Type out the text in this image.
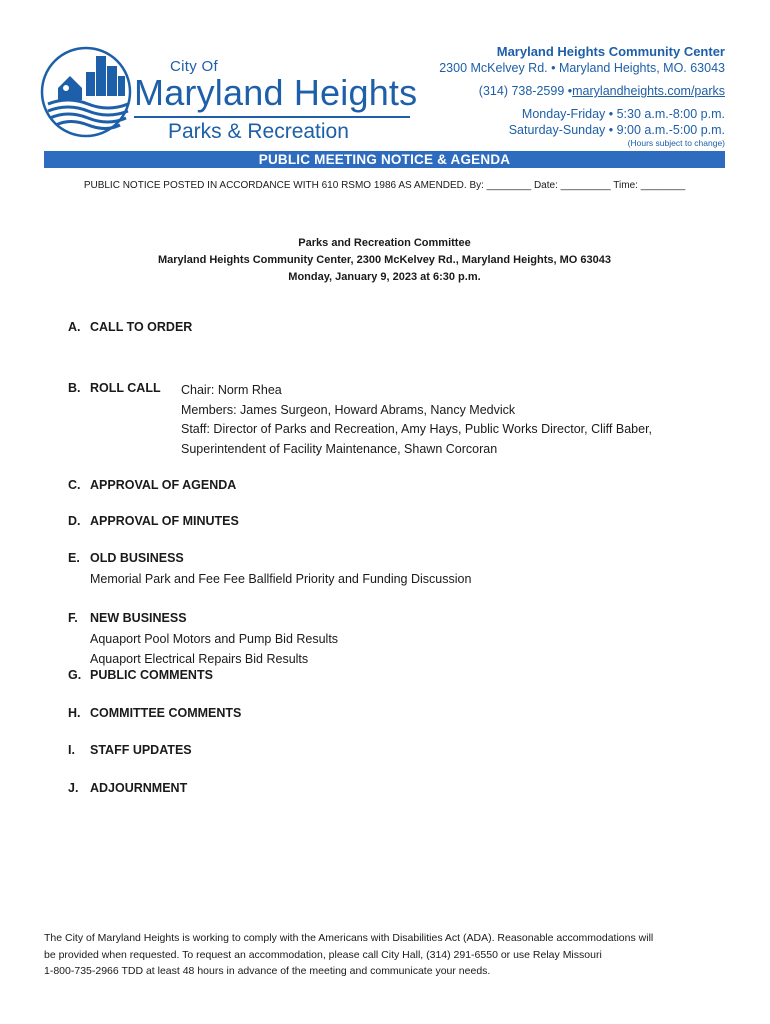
City Of
Maryland Heights
Parks & Recreation
Maryland Heights Community Center
2300 McKelvey Rd. • Maryland Heights, MO. 63043
(314) 738-2599 •marylandheights.com/parks
Monday-Friday • 5:30 a.m.-8:00 p.m.
Saturday-Sunday • 9:00 a.m.-5:00 p.m.
(Hours subject to change)
PUBLIC MEETING NOTICE & AGENDA
PUBLIC NOTICE POSTED IN ACCORDANCE WITH 610 RSMO 1986 AS AMENDED. By: ________ Date: _________ Time: ________
Parks and Recreation Committee
Maryland Heights Community Center, 2300 McKelvey Rd., Maryland Heights, MO 63043
Monday, January 9, 2023 at 6:30 p.m.
A. CALL TO ORDER
B. ROLL CALL Chair: Norm Rhea
Members: James Surgeon, Howard Abrams, Nancy Medvick
Staff: Director of Parks and Recreation, Amy Hays, Public Works Director, Cliff Baber,
Superintendent of Facility Maintenance, Shawn Corcoran
C. APPROVAL OF AGENDA
D. APPROVAL OF MINUTES
E. OLD BUSINESS
Memorial Park and Fee Fee Ballfield Priority and Funding Discussion
F. NEW BUSINESS
Aquaport Pool Motors and Pump Bid Results
Aquaport Electrical Repairs Bid Results
G. PUBLIC COMMENTS
H. COMMITTEE COMMENTS
I. STAFF UPDATES
J. ADJOURNMENT
The City of Maryland Heights is working to comply with the Americans with Disabilities Act (ADA). Reasonable accommodations will
be provided when requested. To request an accommodation, please call City Hall, (314) 291-6550 or use Relay Missouri
1-800-735-2966 TDD at least 48 hours in advance of the meeting and communicate your needs.
